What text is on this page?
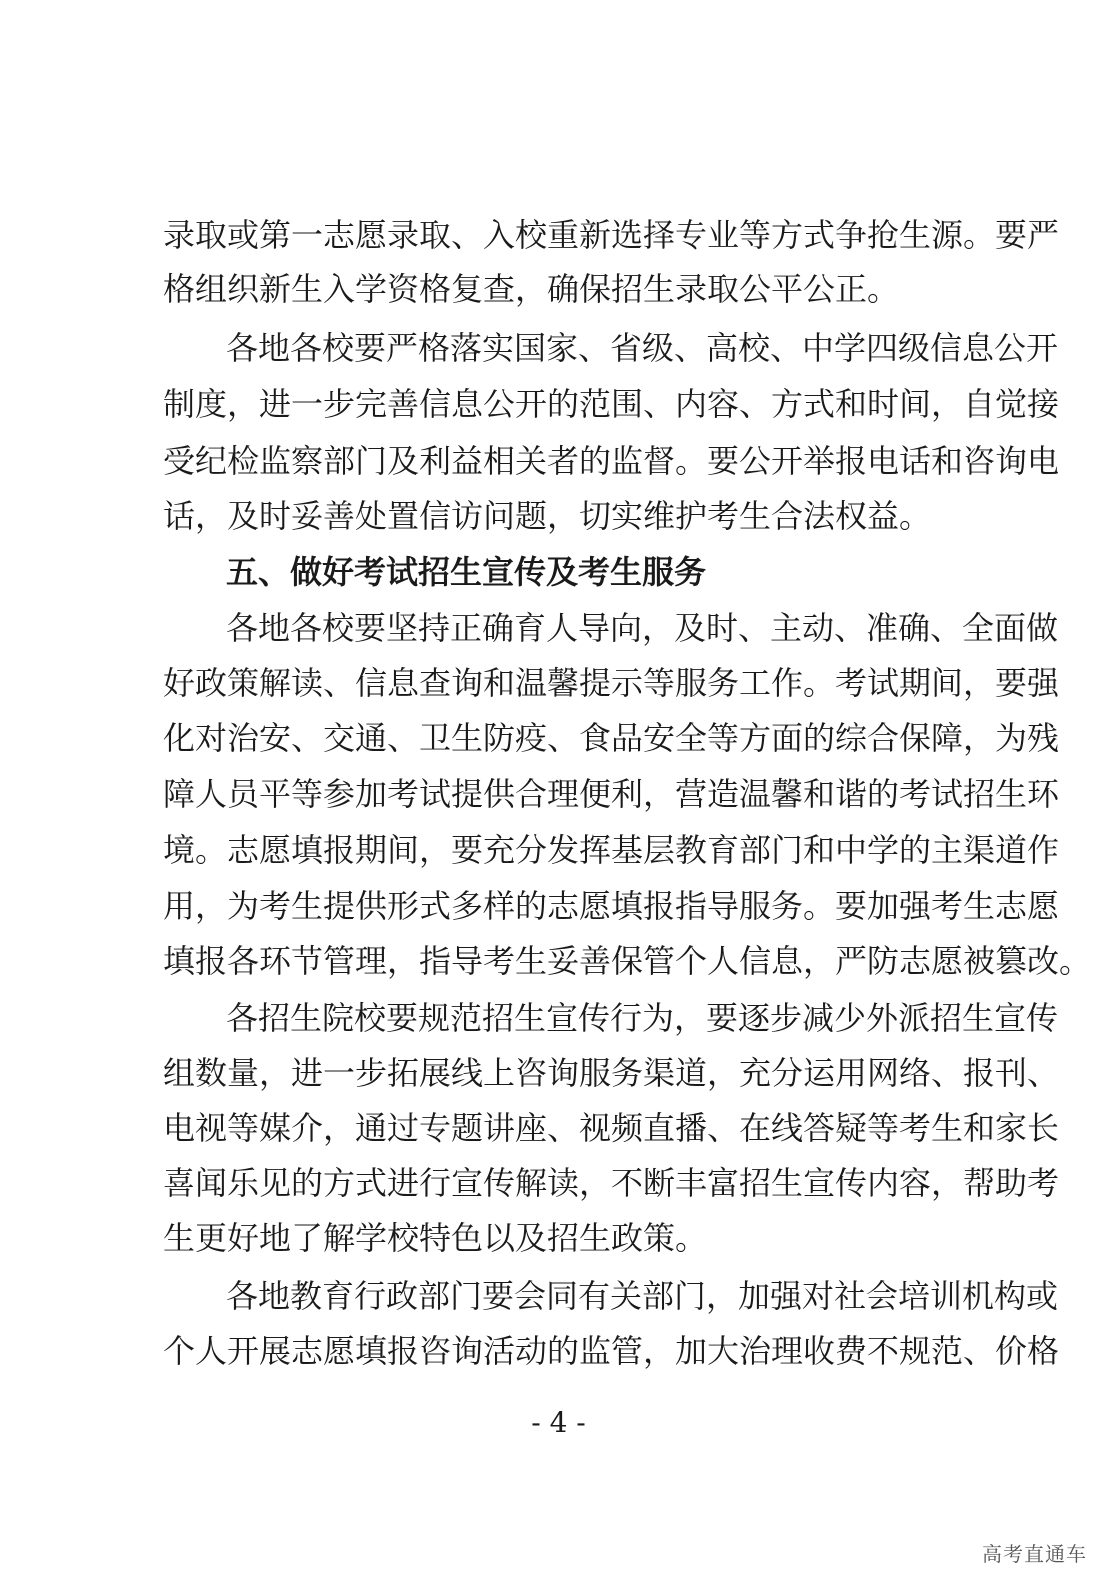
录取或第一志愿录取、入校重新选择专业等方式争抢生源。要严
格组织新生入学资格复查，确保招生录取公平公正。
各地各校要严格落实国家、省级、高校、中学四级信息公开
制度，进一步完善信息公开的范围、内容、方式和时间，自觉接
受纪检监察部门及利益相关者的监督。要公开举报电话和咨询电
话，及时妥善处置信访问题，切实维护考生合法权益。
五、做好考试招生宣传及考生服务
各地各校要坚持正确育人导向，及时、主动、准确、全面做
好政策解读、信息查询和温馨提示等服务工作。考试期间，要强
化对治安、交通、卫生防疫、食品安全等方面的综合保障，为残
障人员平等参加考试提供合理便利，营造温馨和谐的考试招生环
境。志愿填报期间，要充分发挥基层教育部门和中学的主渠道作
用，为考生提供形式多样的志愿填报指导服务。要加强考生志愿
填报各环节管理，指导考生妥善保管个人信息，严防志愿被篡改。
各招生院校要规范招生宣传行为，要逐步减少外派招生宣传
组数量，进一步拓展线上咨询服务渠道，充分运用网络、报刊、
电视等媒介，通过专题讲座、视频直播、在线答疑等考生和家长
喜闻乐见的方式进行宣传解读，不断丰富招生宣传内容，帮助考
生更好地了解学校特色以及招生政策。
各地教育行政部门要会同有关部门，加强对社会培训机构或
个人开展志愿填报咨询活动的监管，加大治理收费不规范、价格
- 4 -
高考直通车
